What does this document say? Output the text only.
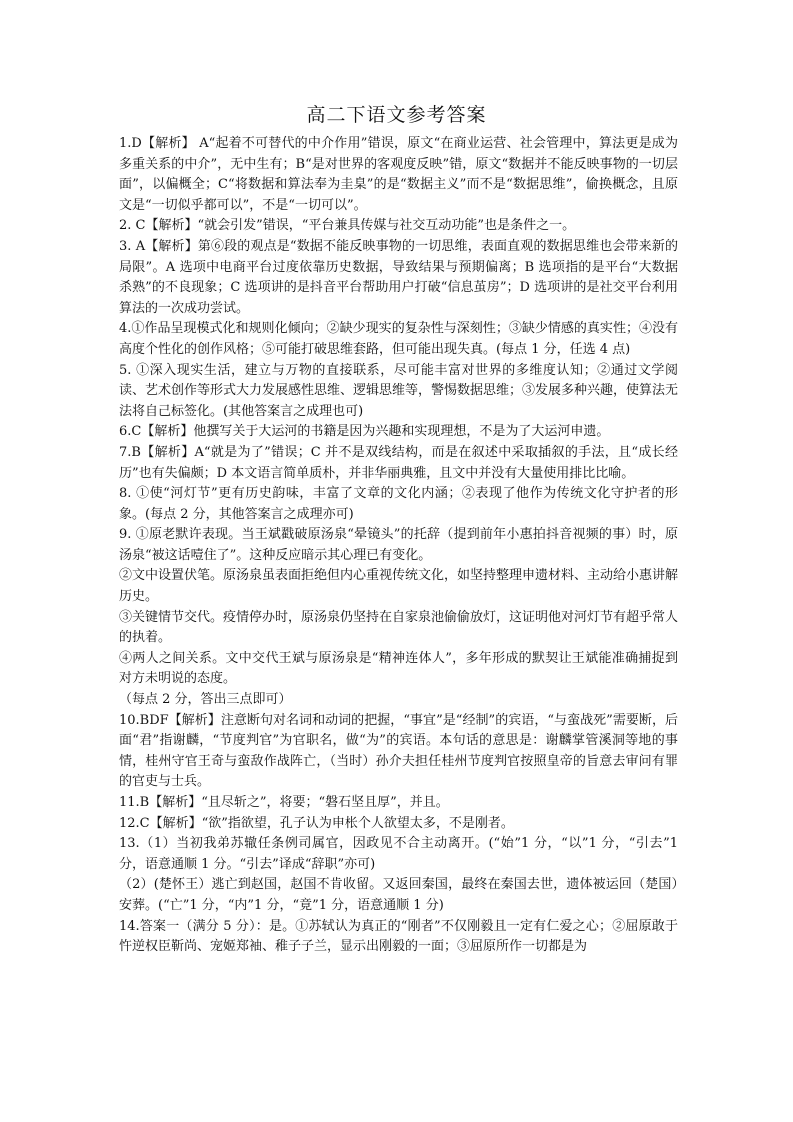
高二下语文参考答案

1.D【解析】 A“起着不可替代的中介作用”错误，原文“在商业运营、社会管理中，算法更是成为多重关系的中介”，无中生有；B“是对世界的客观度反映”错，原文“数据并不能反映事物的一切层面”，以偏概全；C“将数据和算法奉为圭臬”的是“数据主义”而不是“数据思维”，偷换概念，且原文是“一切似乎都可以”，不是“一切可以”。

2. C【解析】“就会引发”错误，“平台兼具传媒与社交互动功能”也是条件之一。

3. A【解析】第⑥段的观点是“数据不能反映事物的一切思维，表面直观的数据思维也会带来新的局限”。A 选项中电商平台过度依靠历史数据，导致结果与预期偏离；B 选项指的是平台“大数据杀熟”的不良现象；C 选项讲的是抖音平台帮助用户打破“信息茧房”；D 选项讲的是社交平台利用算法的一次成功尝试。

4.①作品呈现模式化和规则化倾向；②缺少现实的复杂性与深刻性；③缺少情感的真实性；④没有高度个性化的创作风格；⑤可能打破思维套路，但可能出现失真。(每点 1 分，任选 4 点)

5. ①深入现实生活，建立与万物的直接联系，尽可能丰富对世界的多维度认知；②通过文学阅读、艺术创作等形式大力发展感性思维、逻辑思维等，警惕数据思维；③发展多种兴趣，使算法无法将自己标签化。(其他答案言之成理也可)

6.C【解析】他撰写关于大运河的书籍是因为兴趣和实现理想，不是为了大运河申遗。

7.B【解析】A“就是为了”错误；C 并不是双线结构，而是在叙述中采取插叙的手法，且“成长经历”也有失偏颇；D 本文语言简单质朴，并非华丽典雅，且文中并没有大量使用排比比喻。

8. ①使“河灯节”更有历史韵味，丰富了文章的文化内涵；②表现了他作为传统文化守护者的形象。(每点 2 分，其他答案言之成理亦可)

9. ①原老默许表现。当王斌戳破原汤泉“晕镜头”的托辞（提到前年小惠拍抖音视频的事）时，原汤泉“被这话噎住了”。这种反应暗示其心理已有变化。

②文中设置伏笔。原汤泉虽表面拒绝但内心重视传统文化，如坚持整理申遗材料、主动给小惠讲解历史。

③关键情节交代。疫情停办时，原汤泉仍坚持在自家泉池偷偷放灯，这证明他对河灯节有超乎常人的执着。

④两人之间关系。文中交代王斌与原汤泉是“精神连体人”，多年形成的默契让王斌能准确捕捉到对方未明说的态度。

（每点 2 分，答出三点即可）

10.BDF【解析】注意断句对名词和动词的把握，“事宜”是“经制”的宾语，“与蛮战死”需要断，后面“君”指谢麟，“节度判官”为官职名，做“为”的宾语。本句话的意思是：谢麟掌管溪洞等地的事情，桂州守官王奇与蛮敌作战阵亡，（当时）孙介夫担任桂州节度判官按照皇帝的旨意去审问有罪的官吏与士兵。

11.B【解析】“且尽斩之”，将要；“磐石坚且厚”，并且。

12.C【解析】“欲”指欲望，孔子认为申枨个人欲望太多，不是刚者。

13.（1）当初我弟苏辙任条例司属官，因政见不合主动离开。(“始”1 分，“以”1 分，“引去”1 分，语意通顺 1 分。“引去”译成“辞职”亦可)

（2）(楚怀王）逃亡到赵国，赵国不肯收留。又返回秦国，最终在秦国去世，遗体被运回（楚国）安葬。(“亡”1 分，“内”1 分，“竟”1 分，语意通顺 1 分)

14.答案一（满分 5 分）：是。①苏轼认为真正的“刚者”不仅刚毅且一定有仁爱之心；②屈原敢于忤逆权臣靳尚、宠姬郑袖、稚子子兰，显示出刚毅的一面；③屈原所作一切都是为
